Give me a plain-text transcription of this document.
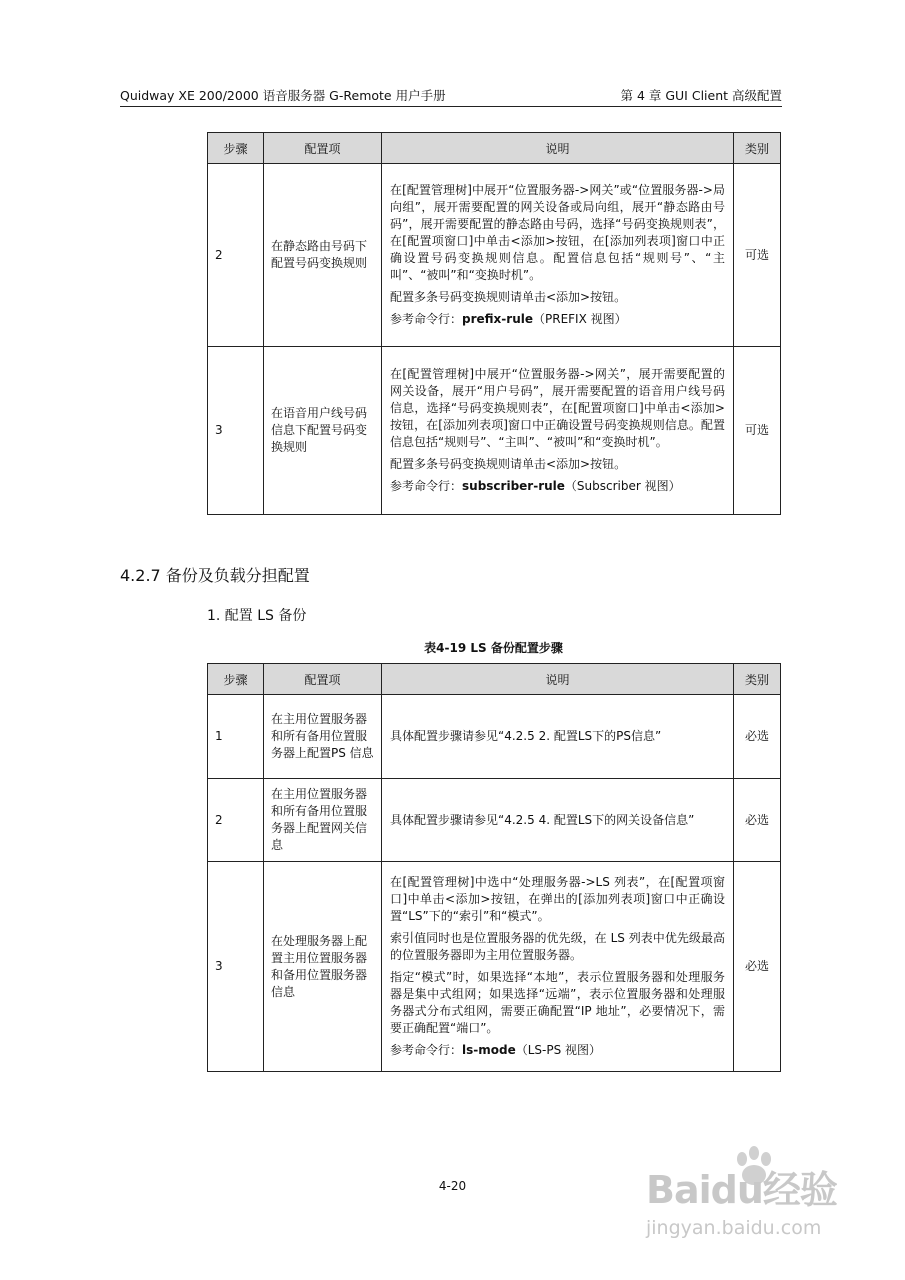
Quidway XE 200/2000 语音服务器 G-Remote 用户手册	第 4 章 GUI Client 高级配置
步骤	配置项	说明	类别
2	在静态路由号码下配置号码变换规则	在[配置管理树]中展开“位置服务器->网关”或“位置服务器->局向组”，展开需要配置的网关设备或局向组，展开“静态路由号码”，展开需要配置的静态路由号码，选择“号码变换规则表”，在[配置项窗口]中单击<添加>按钮，在[添加列表项]窗口中正确设置号码变换规则信息。配置信息包括“规则号”、“主叫”、“被叫”和“变换时机”。

配置多条号码变换规则请单击<添加>按钮。

参考命令行：prefix-rule（PREFIX 视图）	可选
3	在语音用户线号码信息下配置号码变换规则	在[配置管理树]中展开“位置服务器->网关”，展开需要配置的网关设备，展开“用户号码”，展开需要配置的语音用户线号码信息，选择“号码变换规则表”，在[配置项窗口]中单击<添加>按钮，在[添加列表项]窗口中正确设置号码变换规则信息。配置信息包括“规则号”、“主叫”、“被叫”和“变换时机”。

配置多条号码变换规则请单击<添加>按钮。

参考命令行：subscriber-rule（Subscriber 视图）	可选
4.2.7 备份及负载分担配置
1. 配置 LS 备份
表4-19 LS 备份配置步骤
步骤	配置项	说明	类别
1	在主用位置服务器和所有备用位置服务器上配置PS 信息	具体配置步骤请参见“4.2.5 2. 配置LS下的PS信息”	必选
2	在主用位置服务器和所有备用位置服务器上配置网关信息	具体配置步骤请参见“4.2.5 4. 配置LS下的网关设备信息”	必选
3	在处理服务器上配置主用位置服务器和备用位置服务器信息	在[配置管理树]中选中“处理服务器->LS 列表”，在[配置项窗口]中单击<添加>按钮，在弹出的[添加列表项]窗口中正确设置“LS”下的“索引”和“模式”。

索引值同时也是位置服务器的优先级，在 LS 列表中优先级最高的位置服务器即为主用位置服务器。

指定“模式”时，如果选择“本地”，表示位置服务器和处理服务器是集中式组网；如果选择“远端”，表示位置服务器和处理服务器式分布式组网，需要正确配置“IP 地址”，必要情况下，需要正确配置“端口”。

参考命令行：ls-mode（LS-PS 视图）	必选
4-20	Baidu经验
jingyan.baidu.com
